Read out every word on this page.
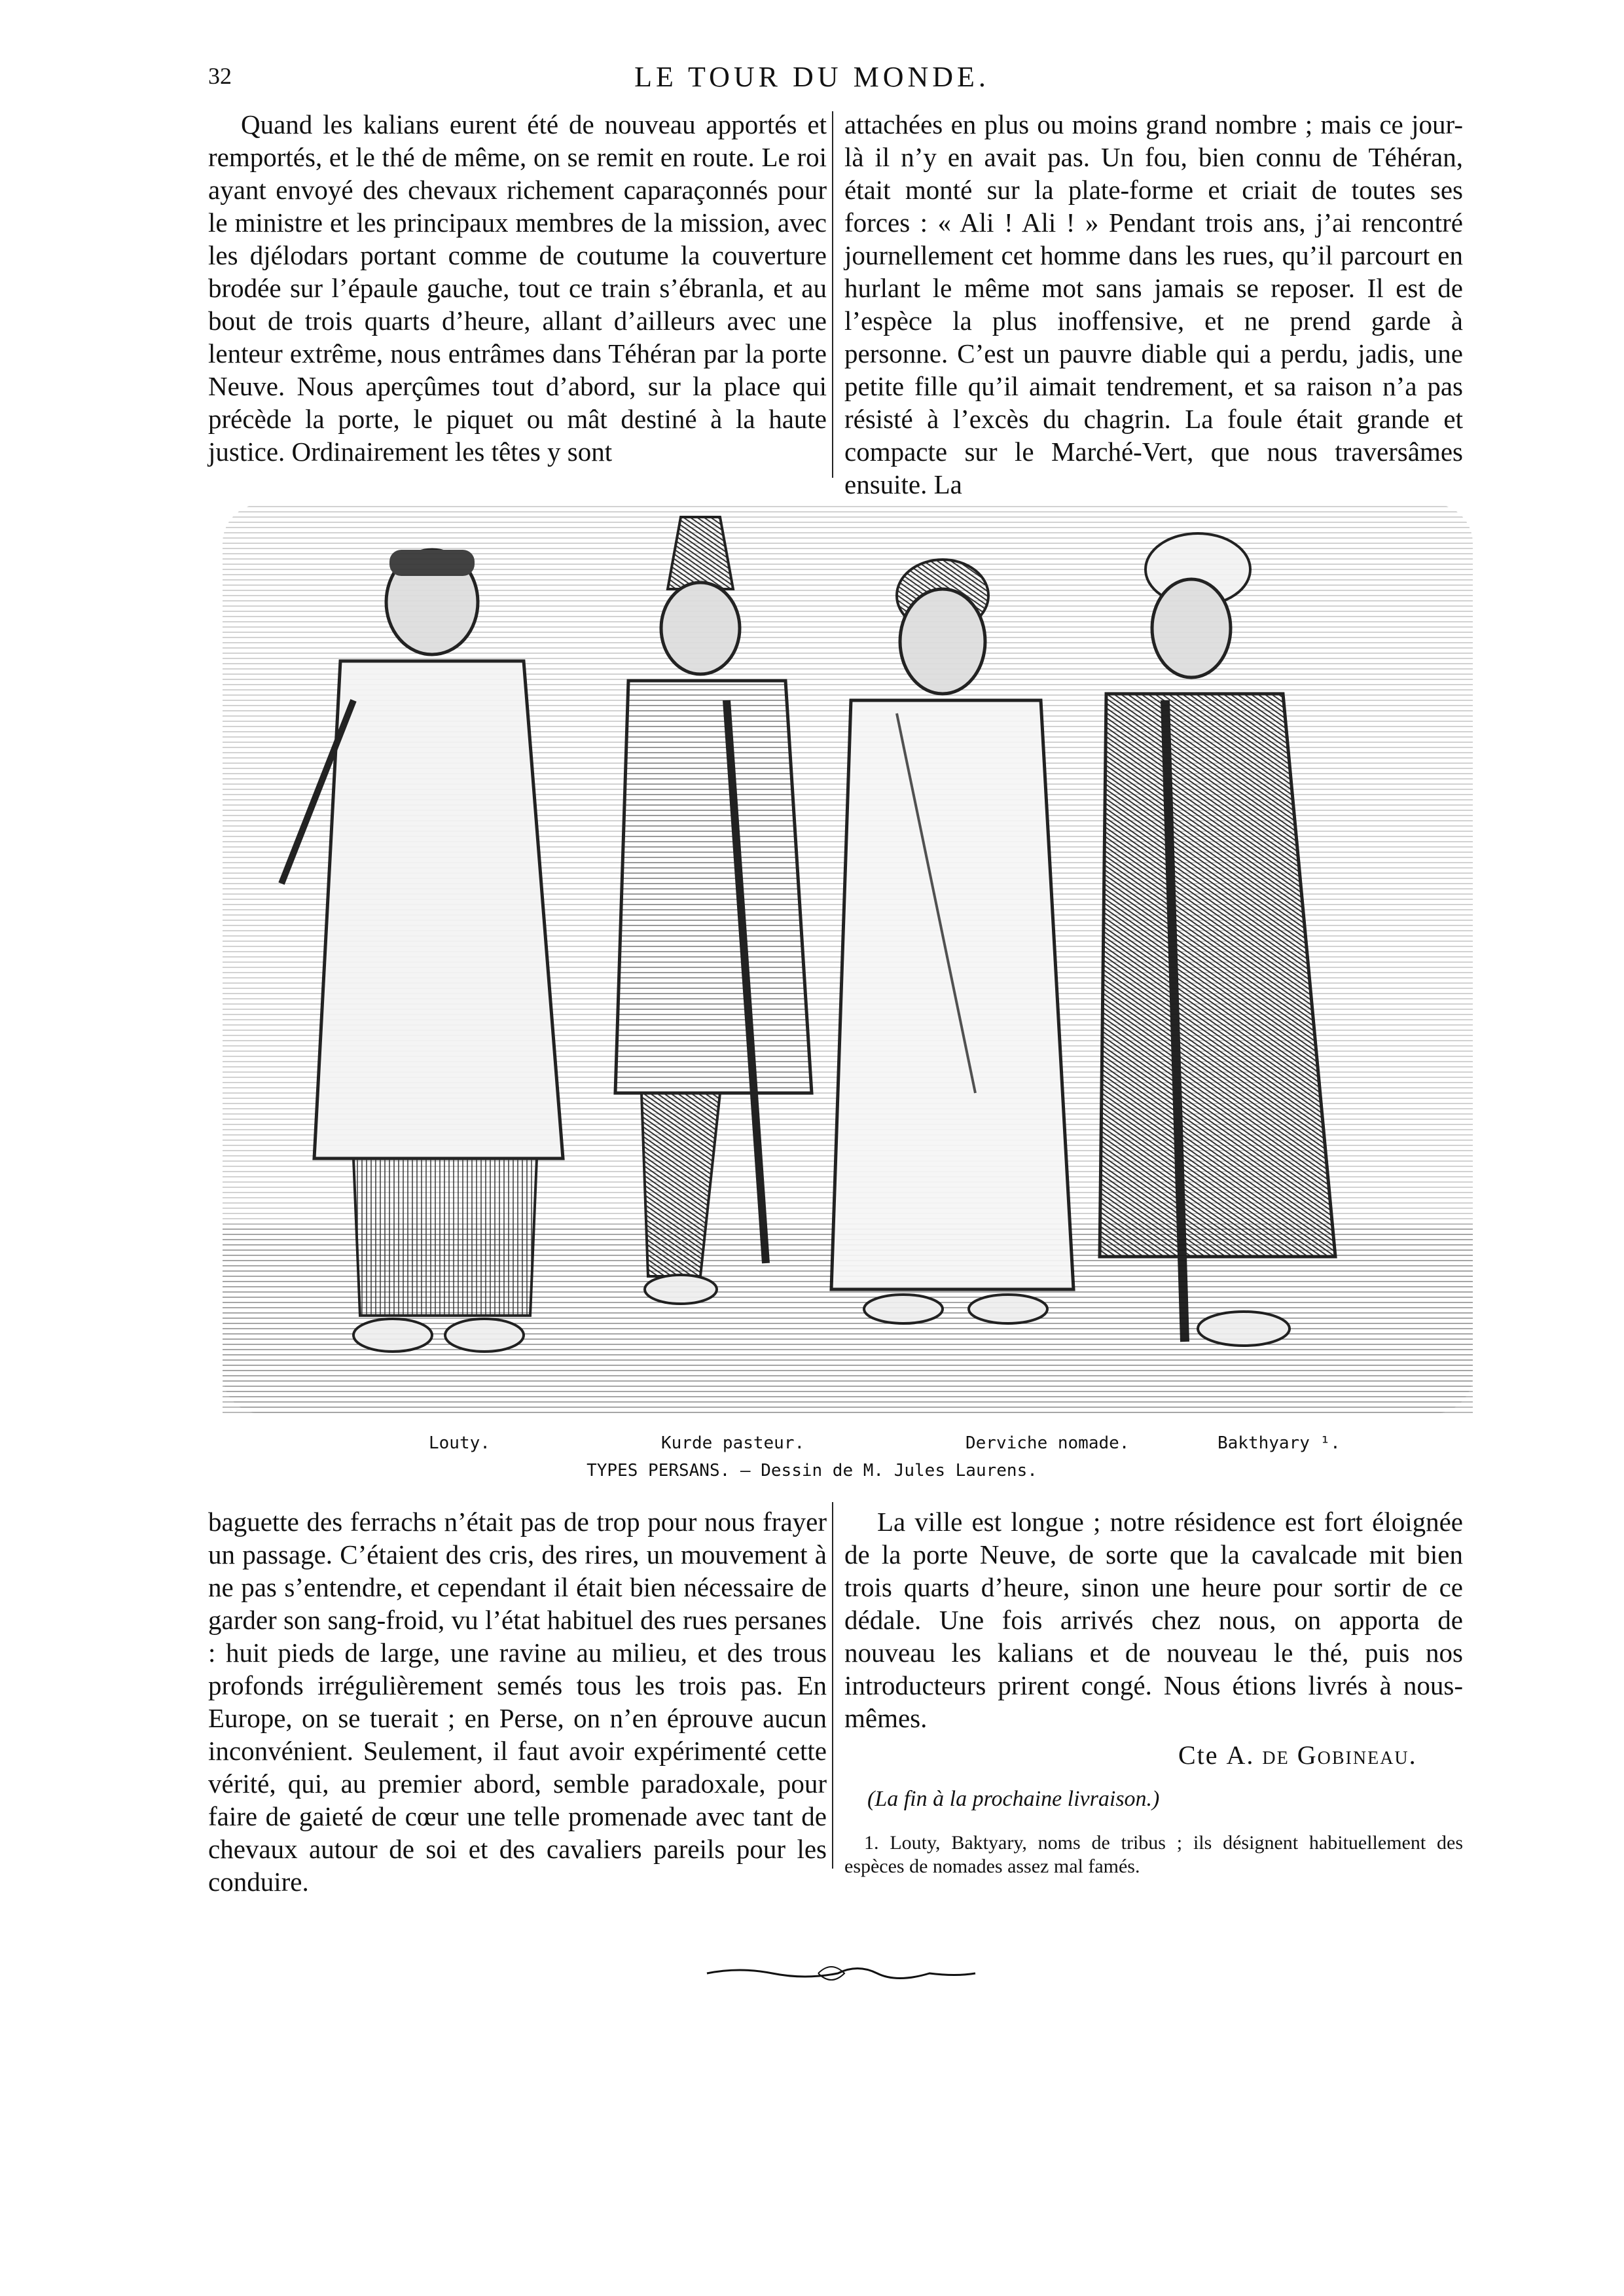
32	LE TOUR DU MONDE.

Quand les kalians eurent été de nouveau apportés et remportés, et le thé de même, on se remit en route. Le roi ayant envoyé des chevaux richement caparaçonnés pour le ministre et les principaux membres de la mission, avec les djélodars portant comme de coutume la couverture brodée sur l’épaule gauche, tout ce train s’ébranla, et au bout de trois quarts d’heure, allant d’ailleurs avec une lenteur extrême, nous entrâmes dans Téhéran par la porte Neuve. Nous aperçûmes tout d’abord, sur la place qui précède la porte, le piquet ou mât destiné à la haute justice. Ordinairement les têtes y sont

attachées en plus ou moins grand nombre ; mais ce jour-là il n’y en avait pas. Un fou, bien connu de Téhéran, était monté sur la plate-forme et criait de toutes ses forces : « Ali ! Ali ! » Pendant trois ans, j’ai rencontré journellement cet homme dans les rues, qu’il parcourt en hurlant le même mot sans jamais se reposer. Il est de l’espèce la plus inoffensive, et ne prend garde à personne. C’est un pauvre diable qui a perdu, jadis, une petite fille qu’il aimait tendrement, et sa raison n’a pas résisté à l’excès du chagrin. La foule était grande et compacte sur le Marché-Vert, que nous traversâmes ensuite. La

Louty.	Kurde pasteur.	Derviche nomade.	Bakthyary ¹.
TYPES PERSANS. — Dessin de M. Jules Laurens.

baguette des ferrachs n’était pas de trop pour nous frayer un passage. C’étaient des cris, des rires, un mouvement à ne pas s’entendre, et cependant il était bien nécessaire de garder son sang-froid, vu l’état habituel des rues persanes : huit pieds de large, une ravine au milieu, et des trous profonds irrégulièrement semés tous les trois pas. En Europe, on se tuerait ; en Perse, on n’en éprouve aucun inconvénient. Seulement, il faut avoir expérimenté cette vérité, qui, au premier abord, semble paradoxale, pour faire de gaieté de cœur une telle promenade avec tant de chevaux autour de soi et des cavaliers pareils pour les conduire.

La ville est longue ; notre résidence est fort éloignée de la porte Neuve, de sorte que la cavalcade mit bien trois quarts d’heure, sinon une heure pour sortir de ce dédale. Une fois arrivés chez nous, on apporta de nouveau les kalians et de nouveau le thé, puis nos introducteurs prirent congé. Nous étions livrés à nous-mêmes.

Cte A. de Gobineau.
(La fin à la prochaine livraison.)
1. Louty, Baktyary, noms de tribus ; ils désignent habituellement des espèces de nomades assez mal famés.
